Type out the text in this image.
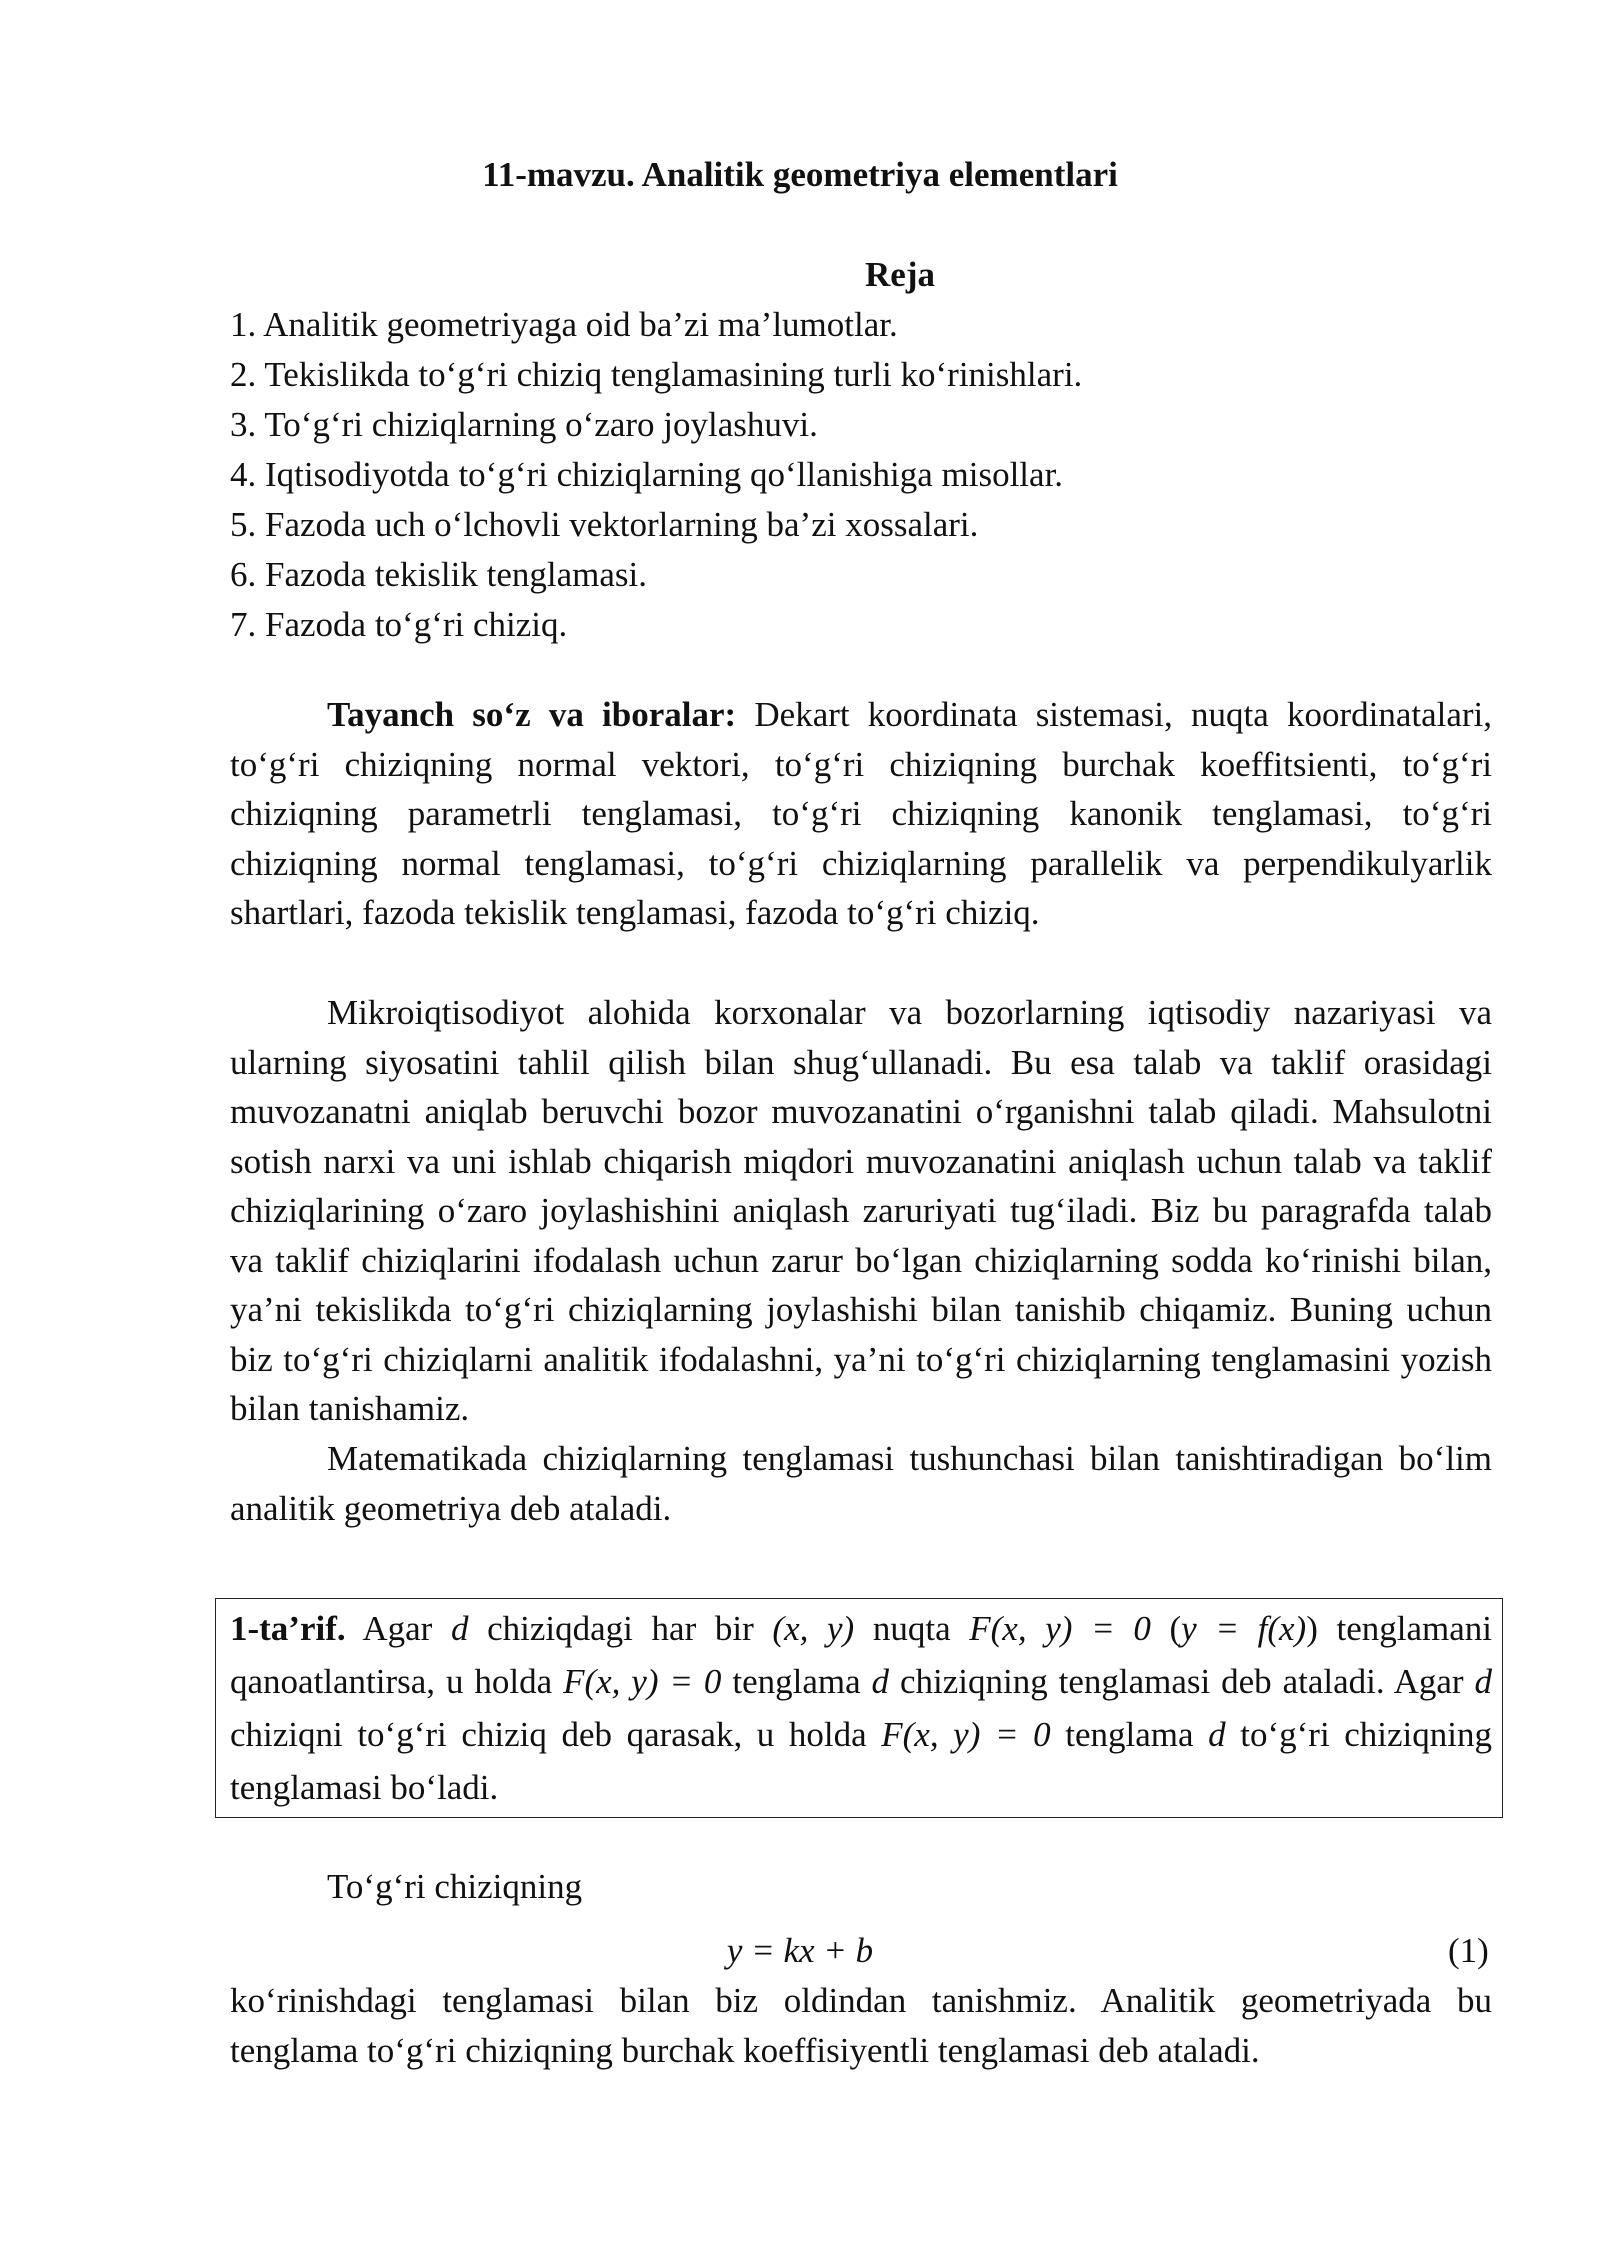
11-mavzu. Analitik geometriya elementlari
Reja
1. Analitik geometriyaga oid ba’zi ma’lumotlar.
2. Tekislikda to‘g‘ri chiziq tenglamasining turli ko‘rinishlari.
3. To‘g‘ri chiziqlarning o‘zaro joylashuvi.
4. Iqtisodiyotda to‘g‘ri chiziqlarning qo‘llanishiga misollar.
5. Fazoda uch o‘lchovli vektorlarning ba’zi xossalari.
6. Fazoda tekislik tenglamasi.
7. Fazoda to‘g‘ri chiziq.

Tayanch so‘z va iboralar: Dekart koordinata sistemasi, nuqta koordinatalari, to‘g‘ri chiziqning normal vektori, to‘g‘ri chiziqning burchak koeffitsienti, to‘g‘ri chiziqning parametrli tenglamasi, to‘g‘ri chiziqning kanonik tenglamasi, to‘g‘ri chiziqning normal tenglamasi, to‘g‘ri chiziqlarning parallelik va perpendikulyarlik shartlari, fazoda tekislik tenglamasi, fazoda to‘g‘ri chiziq.

Mikroiqtisodiyot alohida korxonalar va bozorlarning iqtisodiy nazariyasi va ularning siyosatini tahlil qilish bilan shug‘ullanadi. Bu esa talab va taklif orasidagi muvozanatni aniqlab beruvchi bozor muvozanatini o‘rganishni talab qiladi. Mahsulotni sotish narxi va uni ishlab chiqarish miqdori muvozanatini aniqlash uchun talab va taklif chiziqlarining o‘zaro joylashishini aniqlash zaruriyati tug‘iladi. Biz bu paragrafda talab va taklif chiziqlarini ifodalash uchun zarur bo‘lgan chiziqlarning sodda ko‘rinishi bilan, ya’ni tekislikda to‘g‘ri chiziqlarning joylashishi bilan tanishib chiqamiz. Buning uchun biz to‘g‘ri chiziqlarni analitik ifodalashni, ya’ni to‘g‘ri chiziqlarning tenglamasini yozish bilan tanishamiz.

Matematikada chiziqlarning tenglamasi tushunchasi bilan tanishtiradigan bo‘lim analitik geometriya deb ataladi.

1-ta’rif. Agar d chiziqdagi har bir (x, y) nuqta F(x, y) = 0 (y = f(x)) tenglamani qanoatlantirsa, u holda F(x, y) = 0 tenglama d chiziqning tenglamasi deb ataladi. Agar d chiziqni to‘g‘ri chiziq deb qarasak, u holda F(x, y) = 0 tenglama d to‘g‘ri chiziqning tenglamasi bo‘ladi.

To‘g‘ri chiziqning

y = kx + b	(1)

ko‘rinishdagi tenglamasi bilan biz oldindan tanishmiz. Analitik geometriyada bu tenglama to‘g‘ri chiziqning burchak koeffisiyentli tenglamasi deb ataladi.
